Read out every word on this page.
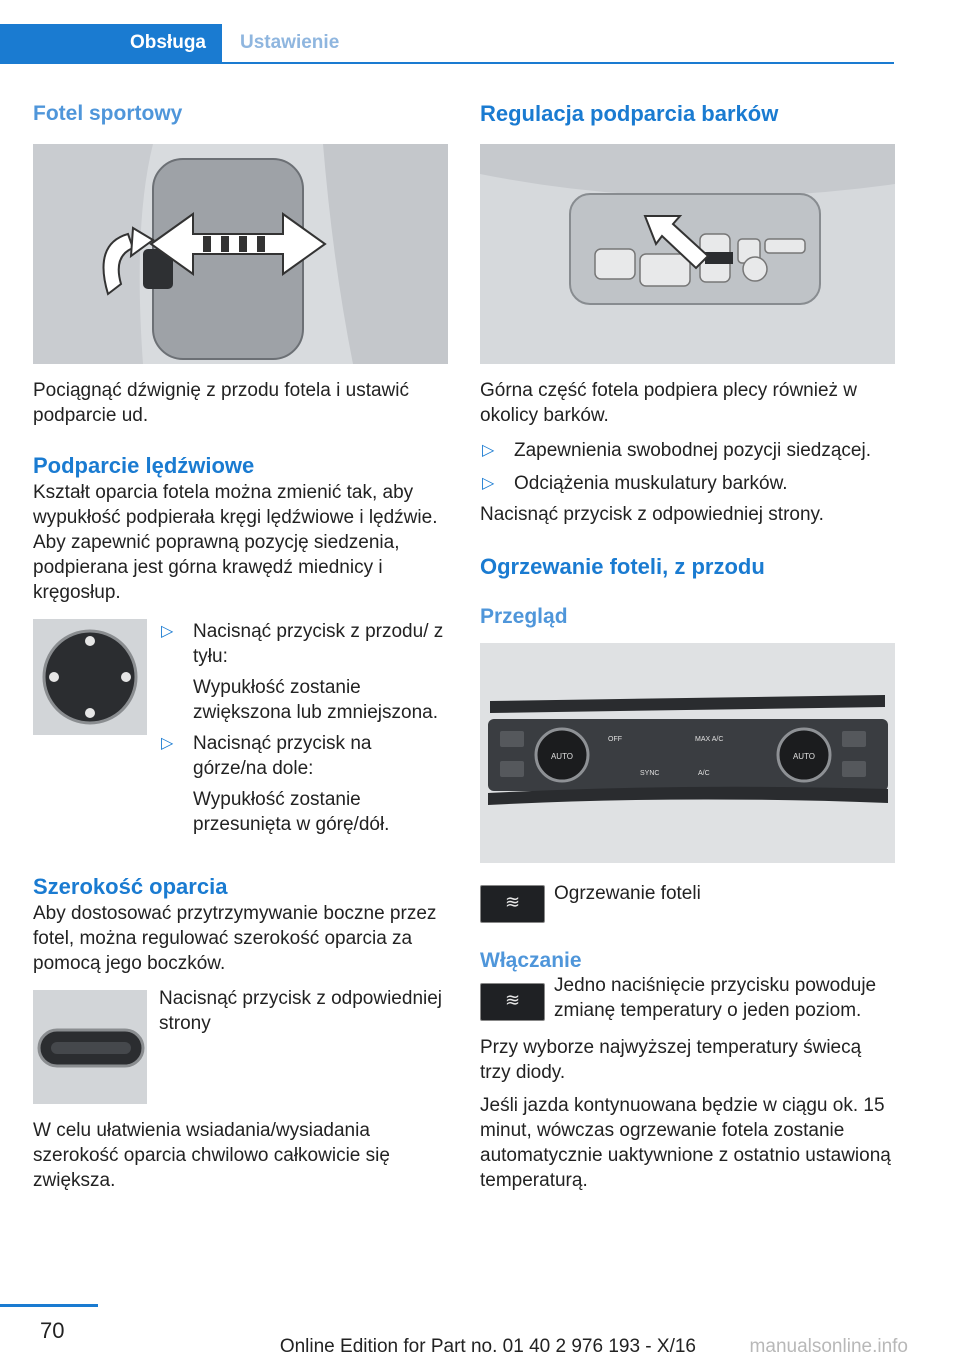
Obsługa	Ustawienie
Fotel sportowy

Pociągnąć dźwignię z przodu fotela i ustawić podparcie ud.

Podparcie lędźwiowe

Kształt oparcia fotela można zmienić tak, aby wypukłość podpierała kręgi lędźwiowe i lędźwie. Aby zapewnić poprawną pozycję siedzenia, podpierana jest górna krawędź miednicy i kręgosłup.

▷ Nacisnąć przycisk z przodu/ z tyłu:
Wypukłość zostanie zwiększona lub zmniejszona.
▷ Nacisnąć przycisk na górze/na dole:
Wypukłość zostanie przesunięta w górę/dół.
Szerokość oparcia

Aby dostosować przytrzymywanie boczne przez fotel, można regulować szerokość oparcia za pomocą jego boczków.

Nacisnąć przycisk z odpowiedniej strony

W celu ułatwienia wsiadania/wysiadania szerokość oparcia chwilowo całkowicie się zwiększa.

Regulacja podparcia barków

Górna część fotela podpiera plecy również w okolicy barków.

▷ Zapewnienia swobodnej pozycji siedzącej.
▷ Odciążenia muskulatury barków.

Nacisnąć przycisk z odpowiedniej strony.

Ogrzewanie foteli, z przodu
Przegląd
AUTO	AUTO
OFF	MAX A/C
SYNC	A/C
≋	Ogrzewanie foteli

Włączanie
≋

Jedno naciśnięcie przycisku powoduje zmianę temperatury o jeden poziom.

Przy wyborze najwyższej temperatury świecą trzy diody.

Jeśli jazda kontynuowana będzie w ciągu ok. 15 minut, wówczas ogrzewanie fotela zostanie automatycznie uaktywnione z ostatnio ustawioną temperaturą.

70
Online Edition for Part no. 01 40 2 976 193 - X/16	manualsonline.info
